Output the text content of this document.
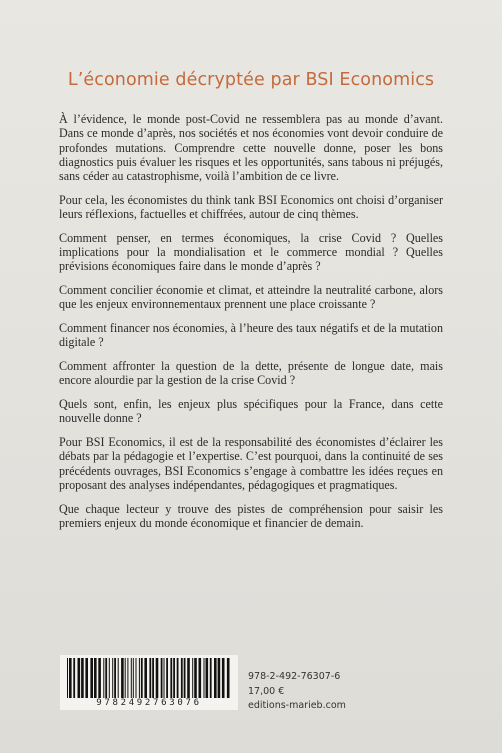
L’économie décryptée par BSI Economics

À l’évidence, le monde post-Covid ne ressemblera pas au monde d’avant. Dans ce monde d’après, nos sociétés et nos économies vont devoir conduire de profondes mutations. Comprendre cette nouvelle donne, poser les bons diagnostics puis évaluer les risques et les opportunités, sans tabous ni préjugés, sans céder au catastrophisme, voilà l’ambition de ce livre.

Pour cela, les économistes du think tank BSI Economics ont choisi d’organiser leurs réflexions, factuelles et chiffrées, autour de cinq thèmes.

Comment penser, en termes économiques, la crise Covid ? Quelles implications pour la mondialisation et le commerce mondial ? Quelles prévisions économiques faire dans le monde d’après ?

Comment concilier économie et climat, et atteindre la neutralité carbone, alors que les enjeux environnementaux prennent une place croissante ?

Comment financer nos économies, à l’heure des taux négatifs et de la mutation digitale ?

Comment affronter la question de la dette, présente de longue date, mais encore alourdie par la gestion de la crise Covid ?

Quels sont, enfin, les enjeux plus spécifiques pour la France, dans cette nouvelle donne ?

Pour BSI Economics, il est de la responsabilité des économistes d’éclairer les débats par la pédagogie et l’expertise. C’est pourquoi, dans la continuité de ses précédents ouvrages, BSI Economics s’engage à combattre les idées reçues en proposant des analyses indépendantes, pédagogiques et pragmatiques.

Que chaque lecteur y trouve des pistes de compréhension pour saisir les premiers enjeux du monde économique et financier de demain.

9782492763076
978-2-492-76307-6
17,00 €
editions-marieb.com
